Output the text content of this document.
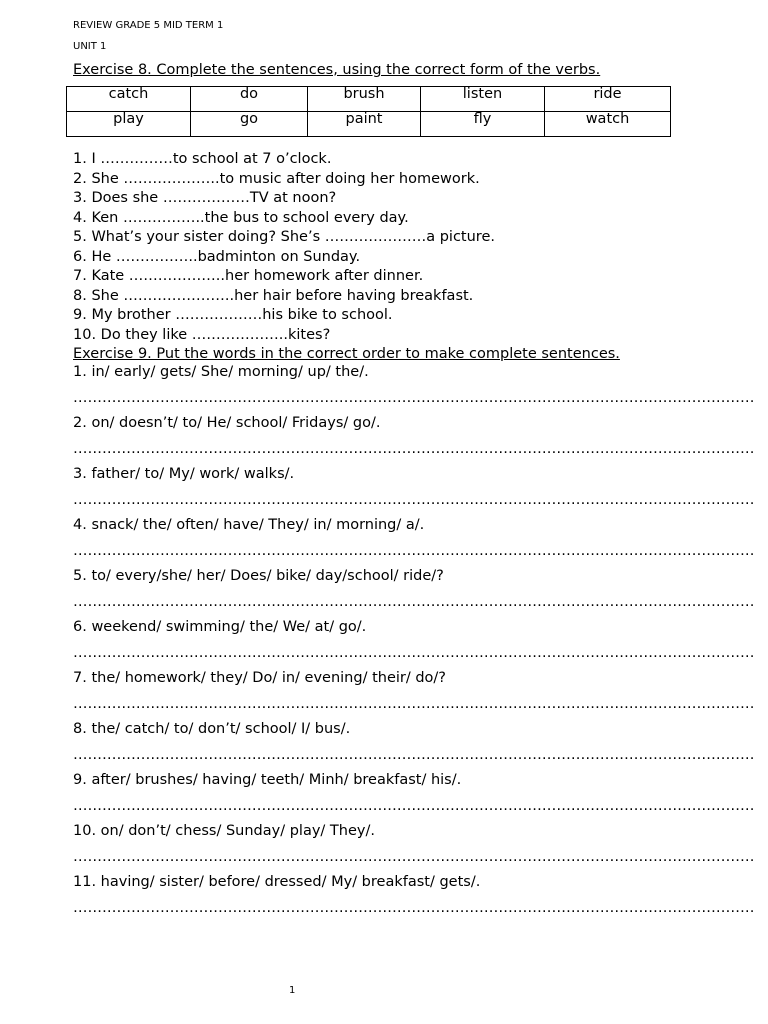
REVIEW GRADE 5 MID TERM 1
UNIT 1
Exercise 8. Complete the sentences, using the correct form of the verbs.
catch	do	brush	listen	ride
play	go	paint	fly	watch
1. I ……………to school at 7 o’clock.
2. She ………………..to music after doing her homework.
3. Does she ………………TV at noon?
4. Ken ……………..the bus to school every day.
5. What’s your sister doing? She’s …………………a picture.
6. He ……………..badminton on Sunday.
7. Kate ………………..her homework after dinner.
8. She …………………..her hair before having breakfast.
9. My brother ………………his bike to school.
10. Do they like ………………..kites?
Exercise 9. Put the words in the correct order to make complete sentences.
1. in/ early/ gets/ She/ morning/ up/ the/.
……………………………………………………………………………………………………………………………
2. on/ doesn’t/ to/ He/ school/ Fridays/ go/.
……………………………………………………………………………………………………………………………
3. father/ to/ My/ work/ walks/.
……………………………………………………………………………………………………………………………
4. snack/ the/ often/ have/ They/ in/ morning/ a/.
……………………………………………………………………………………………………………………………
5. to/ every/she/ her/ Does/ bike/ day/school/ ride/?
……………………………………………………………………………………………………………………………
6. weekend/ swimming/ the/ We/ at/ go/.
……………………………………………………………………………………………………………………………
7. the/ homework/ they/ Do/ in/ evening/ their/ do/?
……………………………………………………………………………………………………………………………
8. the/ catch/ to/ don’t/ school/ I/ bus/.
……………………………………………………………………………………………………………………………
9. after/ brushes/ having/ teeth/ Minh/ breakfast/ his/.
……………………………………………………………………………………………………………………………
10. on/ don’t/ chess/ Sunday/ play/ They/.
……………………………………………………………………………………………………………………………
11. having/ sister/ before/ dressed/ My/ breakfast/ gets/.
……………………………………………………………………………………………………………………………
1
